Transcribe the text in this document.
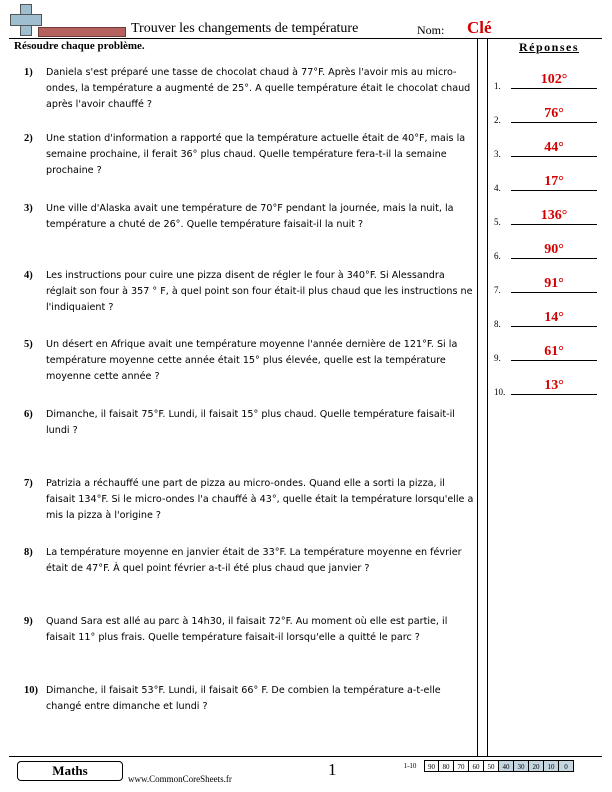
Trouver les changements de température	Nom: Clé
Résoudre chaque problème.	Réponses
1)	Daniela s'est préparé une tasse de chocolat chaud à 77°F. Après l'avoir mis au micro-ondes, la température a augmenté de 25°. A quelle température était le chocolat chaud après l'avoir chauffé ?
2)	Une station d'information a rapporté que la température actuelle était de 40°F, mais la semaine prochaine, il ferait 36° plus chaud. Quelle température fera-t-il la semaine prochaine ?
3)	Une ville d'Alaska avait une température de 70°F pendant la journée, mais la nuit, la température a chuté de 26°. Quelle température faisait-il la nuit ?
4)	Les instructions pour cuire une pizza disent de régler le four à 340°F. Si Alessandra réglait son four à 357 ° F, à quel point son four était-il plus chaud que les instructions ne l'indiquaient ?
5)	Un désert en Afrique avait une température moyenne l'année dernière de 121°F. Si la température moyenne cette année était 15° plus élevée, quelle est la température moyenne cette année ?
6)	Dimanche, il faisait 75°F. Lundi, il faisait 15° plus chaud. Quelle température faisait-il lundi ?
7)	Patrizia a réchauffé une part de pizza au micro-ondes. Quand elle a sorti la pizza, il faisait 134°F. Si le micro-ondes l'a chauffé à 43°, quelle était la température lorsqu'elle a mis la pizza à l'origine ?
8)	La température moyenne en janvier était de 33°F. La température moyenne en février était de 47°F. À quel point février a-t-il été plus chaud que janvier ?
9)	Quand Sara est allé au parc à 14h30, il faisait 72°F. Au moment où elle est partie, il faisait 11° plus frais. Quelle température faisait-il lorsqu'elle a quitté le parc ?
10) Dimanche, il faisait 53°F. Lundi, il faisait 66° F. De combien la température a-t-elle changé entre dimanche et lundi ?
1.	102°
2.	76°
3.	44°
4.	17°
5.	136°
6.	90°
7.	91°
8.	14°
9.	61°
10.	13°
Maths
www.CommonCoreSheets.fr	1	1-10	90	80	70	60	50	40	30	20	10	0
